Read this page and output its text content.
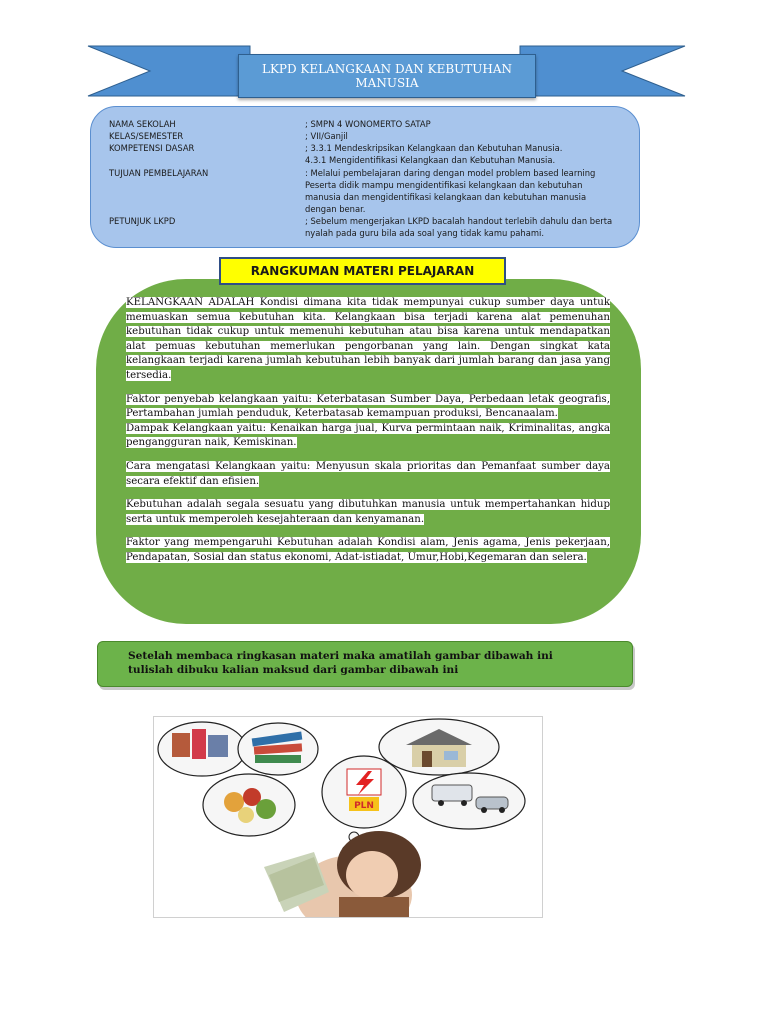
LKPD KELANGKAAN DAN KEBUTUHAN
MANUSIA
NAMA SEKOLAH	; SMPN 4 WONOMERTO SATAP
KELAS/SEMESTER	; VII/Ganjil
KOMPETENSI DASAR	; 3.3.1 Mendeskripsikan Kelangkaan dan Kebutuhan Manusia.
4.3.1 Mengidentifikasi Kelangkaan dan Kebutuhan Manusia.
TUJUAN PEMBELAJARAN	: Melalui pembelajaran daring dengan model problem based learning
Peserta didik mampu mengidentifikasi kelangkaan dan kebutuhan
manusia dan mengidentifikasi kelangkaan dan kebutuhan manusia
dengan benar.
PETUNJUK LKPD	; Sebelum mengerjakan LKPD bacalah handout terlebih dahulu dan berta
nyalah pada guru bila ada soal yang tidak kamu pahami.
RANGKUMAN MATERI PELAJARAN

KELANGKAAN ADALAH Kondisi dimana kita tidak mempunyai cukup sumber daya untuk memuaskan semua kebutuhan kita. Kelangkaan bisa terjadi karena alat pemenuhan kebutuhan tidak cukup untuk memenuhi kebutuhan atau bisa karena untuk mendapatkan alat pemuas kebutuhan memerlukan pengorbanan yang lain. Dengan singkat kata kelangkaan terjadi karena jumlah kebutuhan lebih banyak dari jumlah barang dan jasa yang tersedia.

Faktor penyebab kelangkaan yaitu: Keterbatasan Sumber Daya, Perbedaan letak geografis, Pertambahan jumlah penduduk, Keterbatasab kemampuan produksi, Bencanaalam.

Dampak Kelangkaan yaitu: Kenaikan harga jual, Kurva permintaan naik, Kriminalitas, angka pengangguran naik, Kemiskinan.

Cara mengatasi Kelangkaan yaitu: Menyusun skala prioritas dan Pemanfaat sumber daya secara efektif dan efisien.

Kebutuhan adalah segala sesuatu yang dibutuhkan manusia untuk mempertahankan hidup serta untuk memperoleh kesejahteraan dan kenyamanan.

Faktor yang mempengaruhi Kebutuhan adalah Kondisi alam, Jenis agama, Jenis pekerjaan, Pendapatan, Sosial dan status ekonomi, Adat-istiadat, Umur,Hobi,Kegemaran dan selera.

Setelah membaca ringkasan materi maka amatilah gambar dibawah ini
tulislah dibuku kalian maksud dari gambar dibawah ini
PLN
